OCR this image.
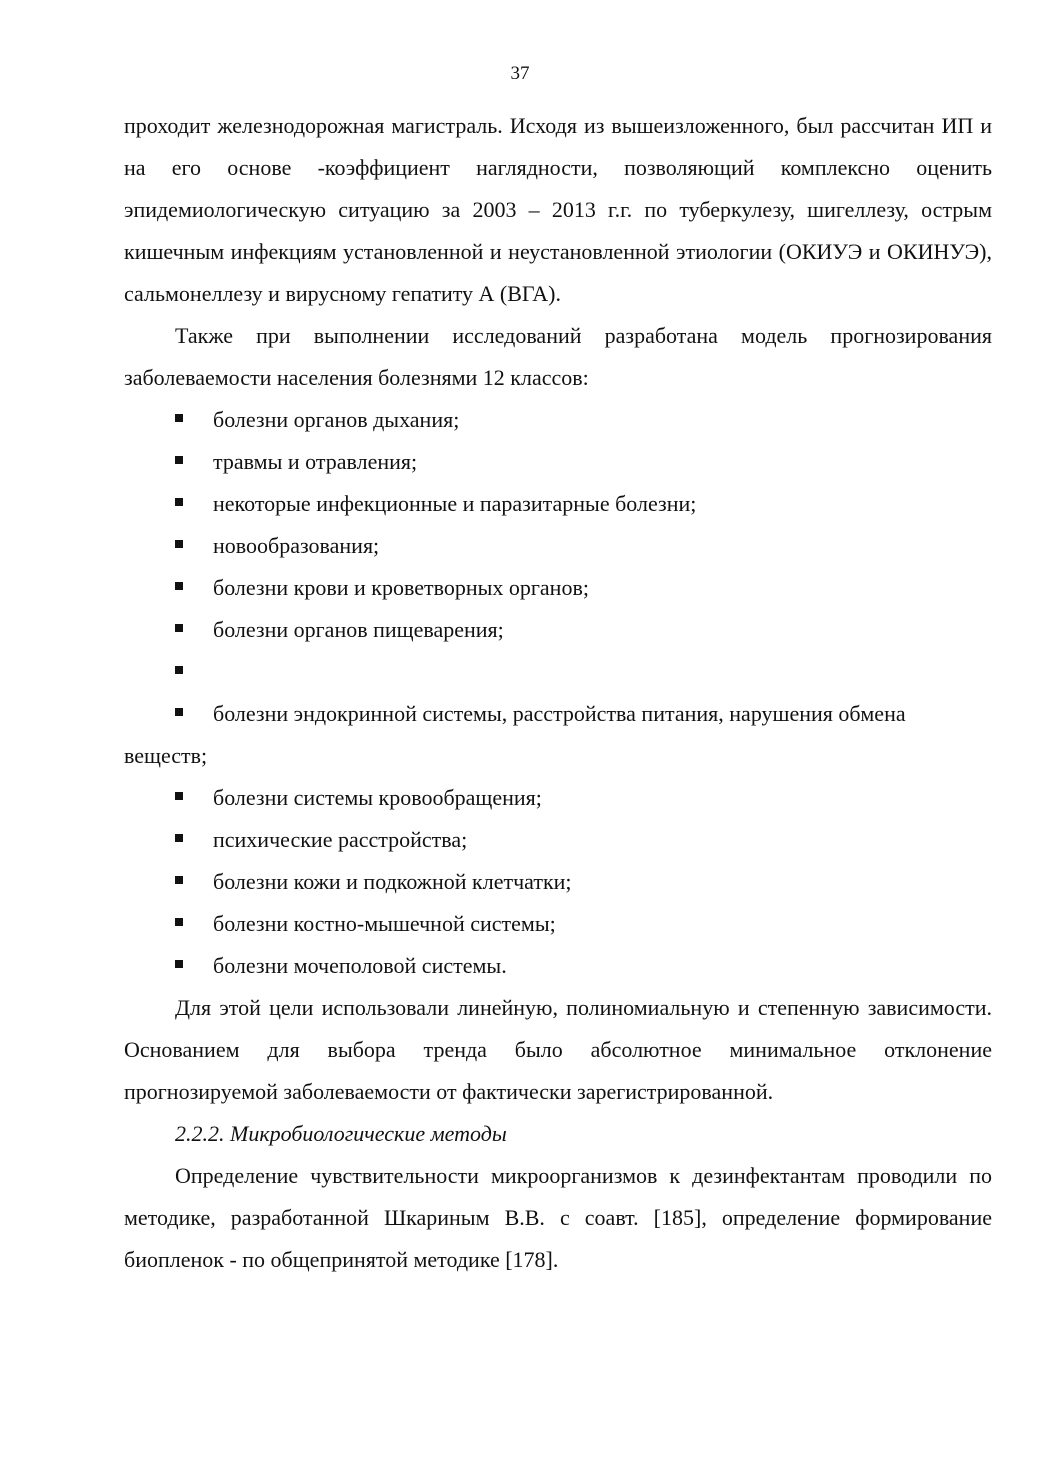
37

проходит железнодорожная магистраль. Исходя из вышеизложенного, был рассчитан ИП и на его основе -коэффициент наглядности, позволяющий комплексно оценить эпидемиологическую ситуацию за 2003 – 2013 г.г. по туберкулезу, шигеллезу, острым кишечным инфекциям установленной и неустановленной этиологии (ОКИУЭ и ОКИНУЭ), сальмонеллезу и вирусному гепатиту А (ВГА).

Также при выполнении исследований разработана модель прогнозирования заболеваемости населения болезнями 12 классов:

болезни органов дыхания;
травмы и отравления;
некоторые инфекционные и паразитарные болезни;
новообразования;
болезни крови и кроветворных органов;
болезни органов пищеварения;
болезни эндокринной системы, расстройства питания, нарушения обмена веществ;
болезни системы кровообращения;
психические расстройства;
болезни кожи и подкожной клетчатки;
болезни костно-мышечной системы;
болезни мочеполовой системы.

Для этой цели использовали линейную, полиномиальную и степенную зависимости. Основанием для выбора тренда было абсолютное минимальное отклонение прогнозируемой заболеваемости от фактически зарегистрированной.

2.2.2. Микробиологические методы

Определение чувствительности микроорганизмов к дезинфектантам проводили по методике, разработанной Шкариным В.В. с соавт. [185], определение формирование биопленок - по общепринятой методике [178].
